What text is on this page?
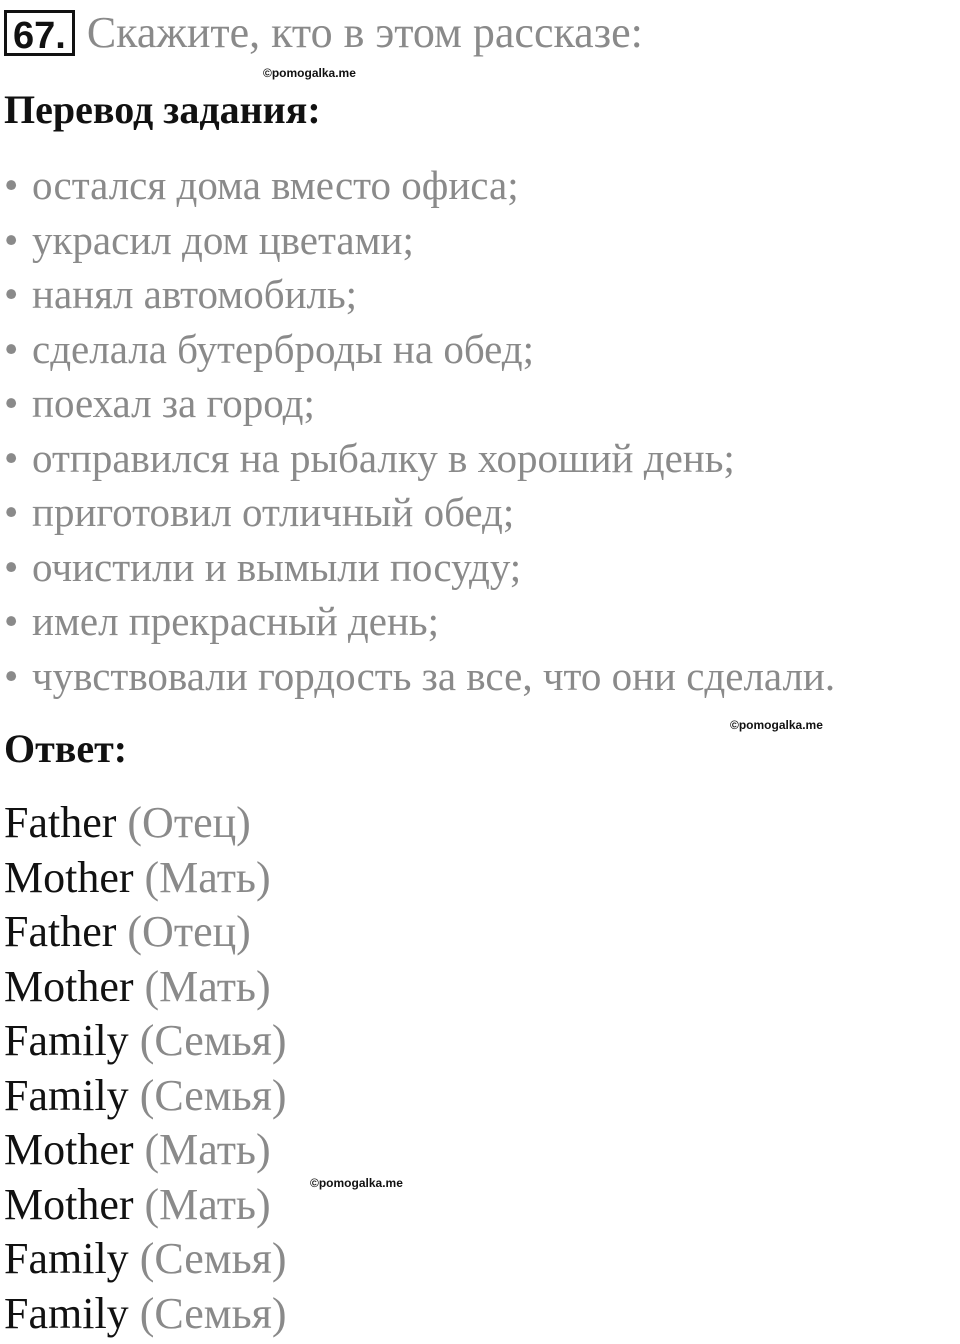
67. Скажите, кто в этом рассказе:
©pomogalka.me
Перевод задания:
• остался дома вместо офиса;
• украсил дом цветами;
• нанял автомобиль;
• сделала бутерброды на обед;
• поехал за город;
• отправился на рыбалку в хороший день;
• приготовил отличный обед;
• очистили и вымыли посуду;
• имел прекрасный день;
• чувствовали гордость за все, что они сделали.
Ответ:
©pomogalka.me
Father (Отец)
Mother (Мать)
Father (Отец)
Mother (Мать)
Family (Семья)
Family (Семья)
Mother (Мать)
Mother (Мать)
Family (Семья)
Family (Семья)
©pomogalka.me
